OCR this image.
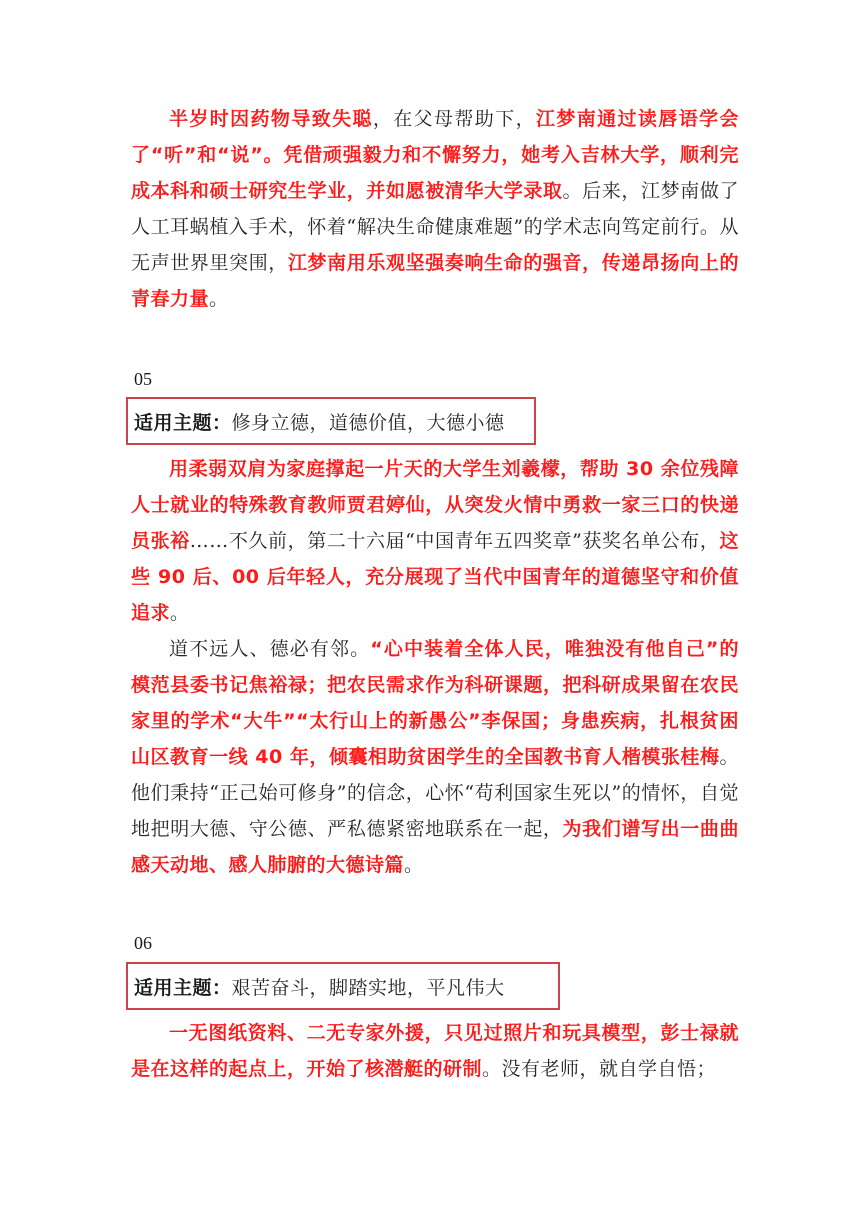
半岁时因药物导致失聪，在父母帮助下，江梦南通过读唇语学会了“听”和“说”。凭借顽强毅力和不懈努力，她考入吉林大学，顺利完成本科和硕士研究生学业，并如愿被清华大学录取。后来，江梦南做了人工耳蜗植入手术，怀着“解决生命健康难题”的学术志向笃定前行。从无声世界里突围，江梦南用乐观坚强奏响生命的强音，传递昂扬向上的青春力量。

05

适用主题： 修身立德，道德价值，大德小德

用柔弱双肩为家庭撑起一片天的大学生刘羲檬，帮助 30 余位残障人士就业的特殊教育教师贾君婷仙，从突发火情中勇救一家三口的快递员张裕……不久前，第二十六届“中国青年五四奖章”获奖名单公布，这些 90 后、00 后年轻人，充分展现了当代中国青年的道德坚守和价值追求。

道不远人、德必有邻。“心中装着全体人民，唯独没有他自己”的模范县委书记焦裕禄；把农民需求作为科研课题，把科研成果留在农民家里的学术“大牛”“太行山上的新愚公”李保国；身患疾病，扎根贫困山区教育一线 40 年，倾囊相助贫困学生的全国教书育人楷模张桂梅。他们秉持“正己始可修身”的信念，心怀“苟利国家生死以”的情怀，自觉地把明大德、守公德、严私德紧密地联系在一起，为我们谱写出一曲曲感天动地、感人肺腑的大德诗篇。

06

适用主题： 艰苦奋斗，脚踏实地，平凡伟大

一无图纸资料、二无专家外援，只见过照片和玩具模型，彭士禄就是在这样的起点上，开始了核潜艇的研制。没有老师，就自学自悟；
